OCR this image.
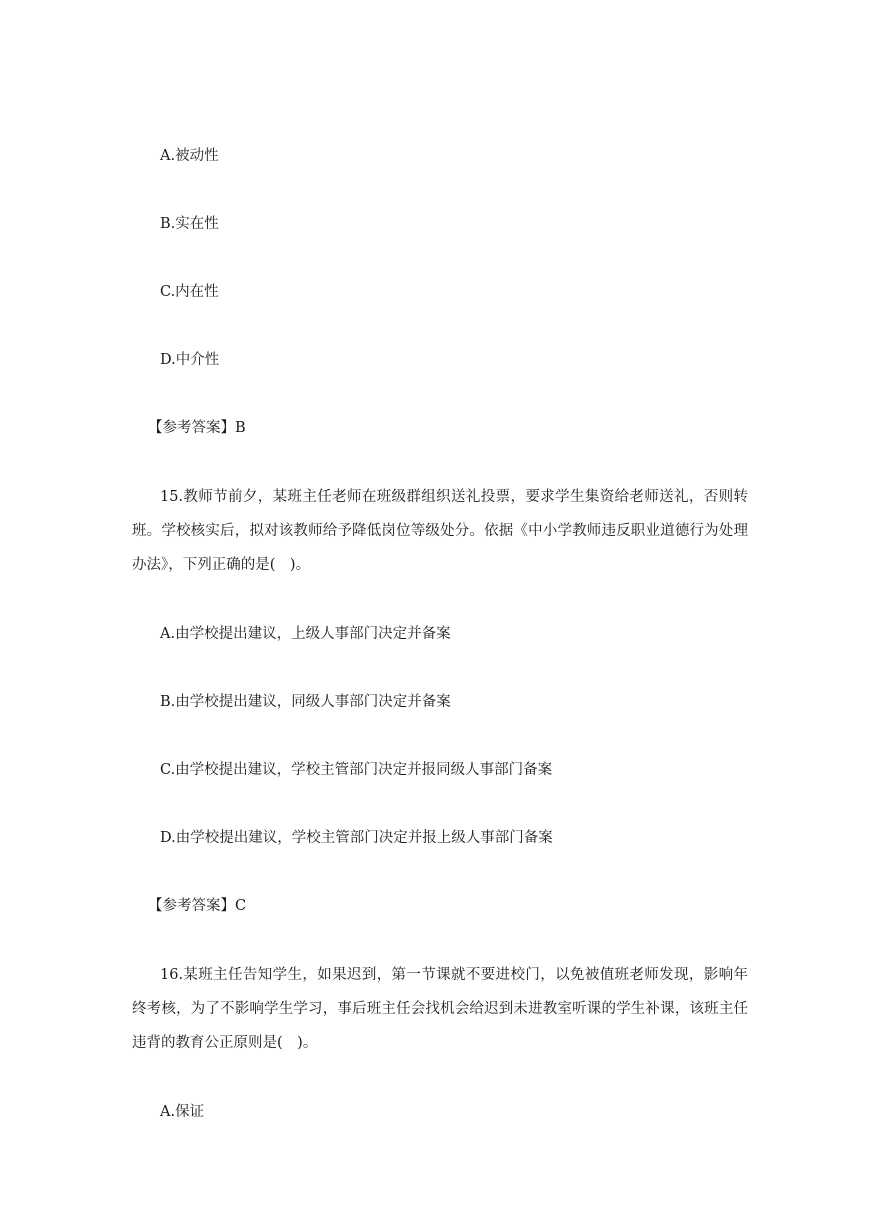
A.被动性
B.实在性
C.内在性
D.中介性
【参考答案】B
15.教师节前夕，某班主任老师在班级群组织送礼投票，要求学生集资给老师送礼，否则转班。学校核实后，拟对该教师给予降低岗位等级处分。依据《中小学教师违反职业道德行为处理办法》，下列正确的是(　)。
A.由学校提出建议，上级人事部门决定并备案
B.由学校提出建议，同级人事部门决定并备案
C.由学校提出建议，学校主管部门决定并报同级人事部门备案
D.由学校提出建议，学校主管部门决定并报上级人事部门备案
【参考答案】C
16.某班主任告知学生，如果迟到，第一节课就不要进校门，以免被值班老师发现，影响年终考核，为了不影响学生学习，事后班主任会找机会给迟到未进教室听课的学生补课，该班主任违背的教育公正原则是(　)。
A.保证
